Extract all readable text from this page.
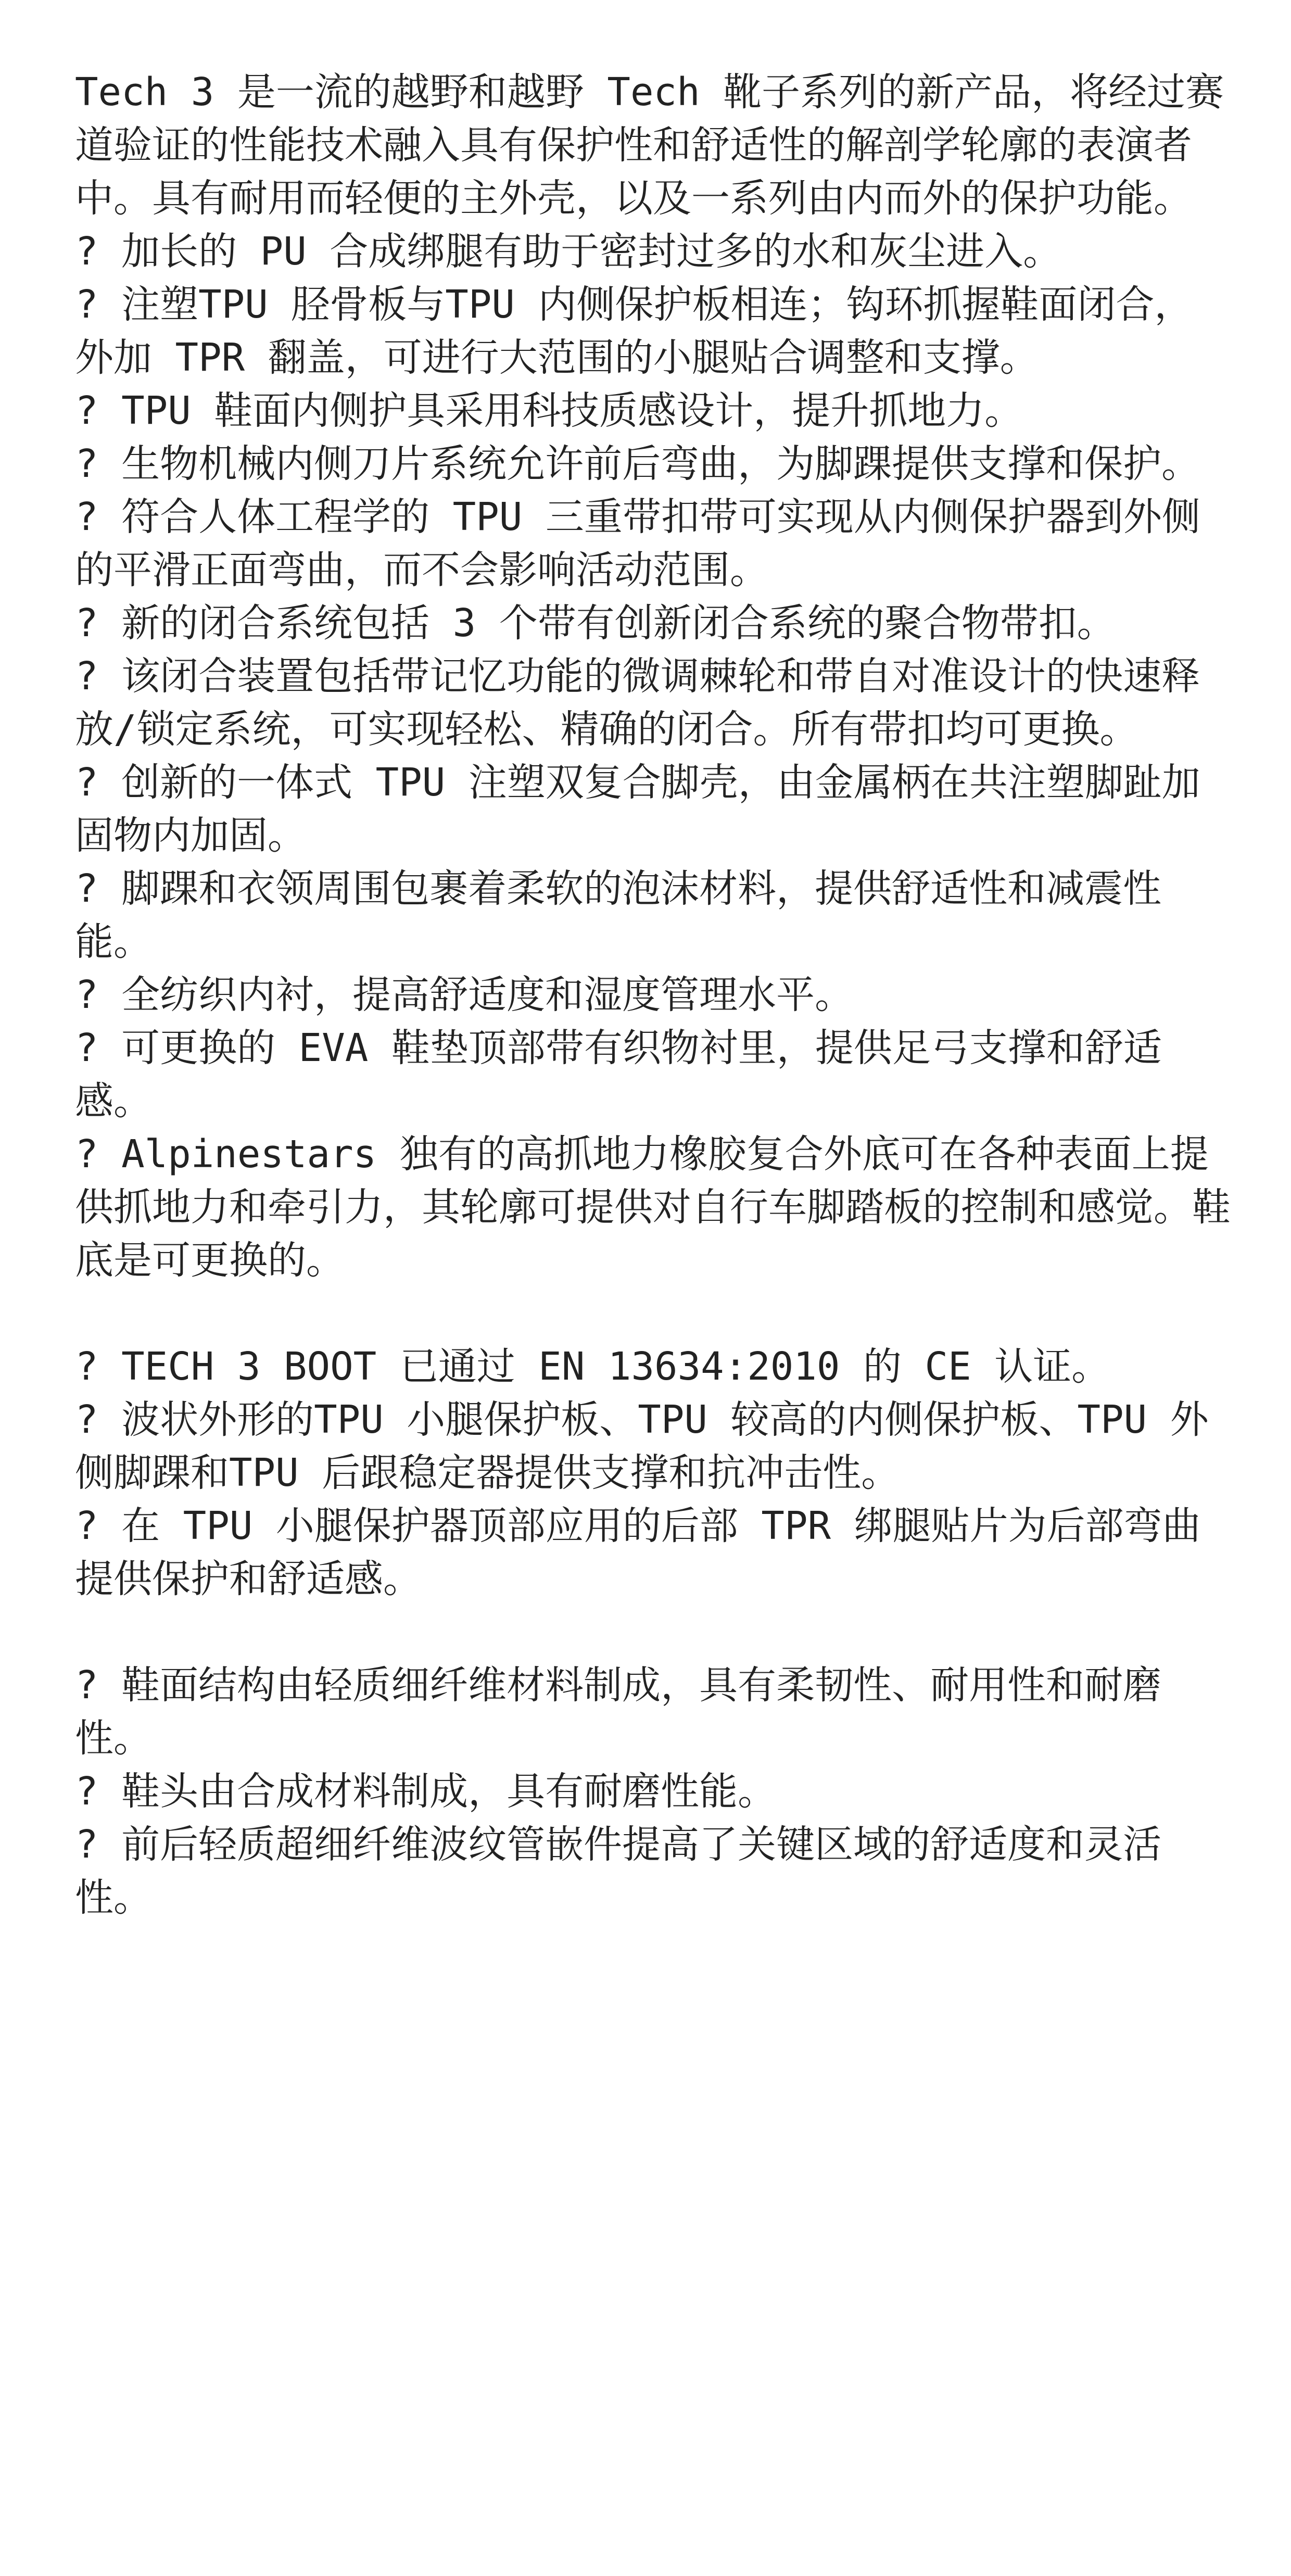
Tech 3 是一流的越野和越野 Tech 靴子系列的新产品，将经过赛道验证的性能技术融入具有保护性和舒适性的解剖学轮廓的表演者中。具有耐用而轻便的主外壳，以及一系列由内而外的保护功能。

? 加长的 PU 合成绑腿有助于密封过多的水和灰尘进入。

? 注塑TPU 胫骨板与TPU 内侧保护板相连；钩环抓握鞋面闭合，外加 TPR 翻盖，可进行大范围的小腿贴合调整和支撑。

? TPU 鞋面内侧护具采用科技质感设计，提升抓地力。

? 生物机械内侧刀片系统允许前后弯曲，为脚踝提供支撑和保护。

? 符合人体工程学的 TPU 三重带扣带可实现从内侧保护器到外侧的平滑正面弯曲，而不会影响活动范围。

? 新的闭合系统包括 3 个带有创新闭合系统的聚合物带扣。

? 该闭合装置包括带记忆功能的微调棘轮和带自对准设计的快速释放/锁定系统，可实现轻松、精确的闭合。所有带扣均可更换。

? 创新的一体式 TPU 注塑双复合脚壳，由金属柄在共注塑脚趾加固物内加固。

? 脚踝和衣领周围包裹着柔软的泡沫材料，提供舒适性和减震性能。

? 全纺织内衬，提高舒适度和湿度管理水平。

? 可更换的 EVA 鞋垫顶部带有织物衬里，提供足弓支撑和舒适感。

? Alpinestars 独有的高抓地力橡胶复合外底可在各种表面上提供抓地力和牵引力，其轮廓可提供对自行车脚踏板的控制和感觉。鞋底是可更换的。

? TECH 3 BOOT 已通过 EN 13634:2010 的 CE 认证。

? 波状外形的TPU 小腿保护板、TPU 较高的内侧保护板、TPU 外侧脚踝和TPU 后跟稳定器提供支撑和抗冲击性。

? 在 TPU 小腿保护器顶部应用的后部 TPR 绑腿贴片为后部弯曲提供保护和舒适感。

? 鞋面结构由轻质细纤维材料制成，具有柔韧性、耐用性和耐磨性。

? 鞋头由合成材料制成，具有耐磨性能。

? 前后轻质超细纤维波纹管嵌件提高了关键区域的舒适度和灵活性。
